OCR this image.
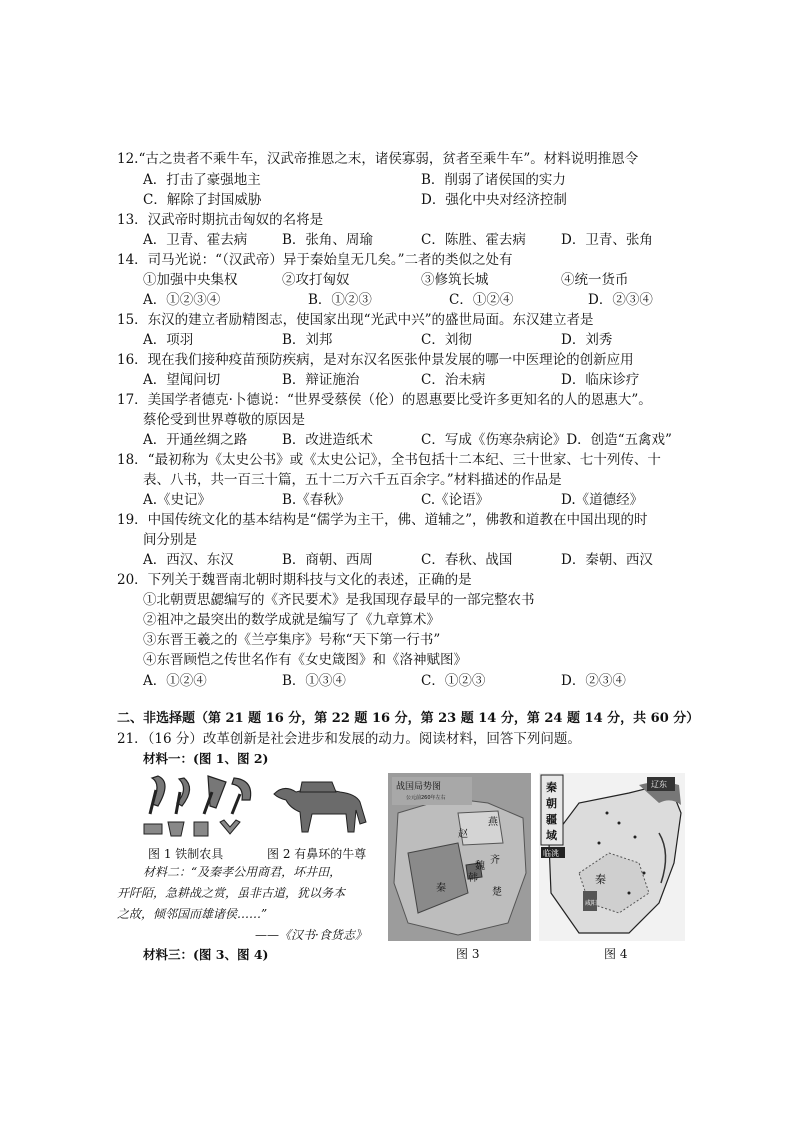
12.“古之贵者不乘牛车，汉武帝推恩之末，诸侯寡弱，贫者至乘牛车”。材料说明推恩令
A．打击了豪强地主	B．削弱了诸侯国的实力
C．解除了封国威胁	D．强化中央对经济控制
13．汉武帝时期抗击匈奴的名将是
A．卫青、霍去病	B．张角、周瑜	C．陈胜、霍去病	D．卫青、张角
14．司马光说：“（汉武帝）异于秦始皇无几矣。”二者的类似之处有
①加强中央集权	②攻打匈奴	③修筑长城	④统一货币
A．①②③④	B．①②③	C．①②④	D．②③④
15．东汉的建立者励精图志，使国家出现“光武中兴”的盛世局面。东汉建立者是
A．项羽	B．刘邦	C．刘彻	D．刘秀
16．现在我们接种疫苗预防疾病，是对东汉名医张仲景发展的哪一中医理论的创新应用
A．望闻问切	B．辩证施治	C．治未病	D．临床诊疗
17．美国学者德克·卜德说：“世界受蔡侯（伦）的恩惠要比受许多更知名的人的恩惠大”。
蔡伦受到世界尊敬的原因是
A．开通丝绸之路	B．改进造纸术	C．写成《伤寒杂病论》D．创造“五禽戏”
18．“最初称为《太史公书》或《太史公记》，全书包括十二本纪、三十世家、七十列传、十
表、八书，共一百三十篇，五十二万六千五百余字。”材料描述的作品是
A.《史记》	B.《春秋》	C.《论语》	D.《道德经》
19．中国传统文化的基本结构是“儒学为主干，佛、道辅之”，佛教和道教在中国出现的时
间分别是
A．西汉、东汉	B．商朝、西周	C．春秋、战国	D．秦朝、西汉
20．下列关于魏晋南北朝时期科技与文化的表述，正确的是
①北朝贾思勰编写的《齐民要术》是我国现存最早的一部完整农书
②祖冲之最突出的数学成就是编写了《九章算术》
③东晋王羲之的《兰亭集序》号称“天下第一行书”
④东晋顾恺之传世名作有《女史箴图》和《洛神赋图》
A．①②④	B．①③④	C．①②③	D．②③④
二、非选择题（第 21 题 16 分，第 22 题 16 分，第 23 题 14 分，第 24 题 14 分，共 60 分）
21．（16 分）改革创新是社会进步和发展的动力。阅读材料，回答下列问题。
材料一：(图 1、图 2)
图 1 铁制农具	图 2 有鼻环的牛尊
材料二：“及秦孝公用商君，坏井田，
开阡陌，急耕战之赏，虽非古道，犹以务本
之故，倾邻国而雄诸侯……”
——《汉书·食货志》
材料三：(图 3、图 4)
战国局势图
公元前260年左右
燕
赵
齐
魏
韩
秦	楚
图 3
秦
朝
疆
域
临洮
辽东
秦
咸阳
图 4
